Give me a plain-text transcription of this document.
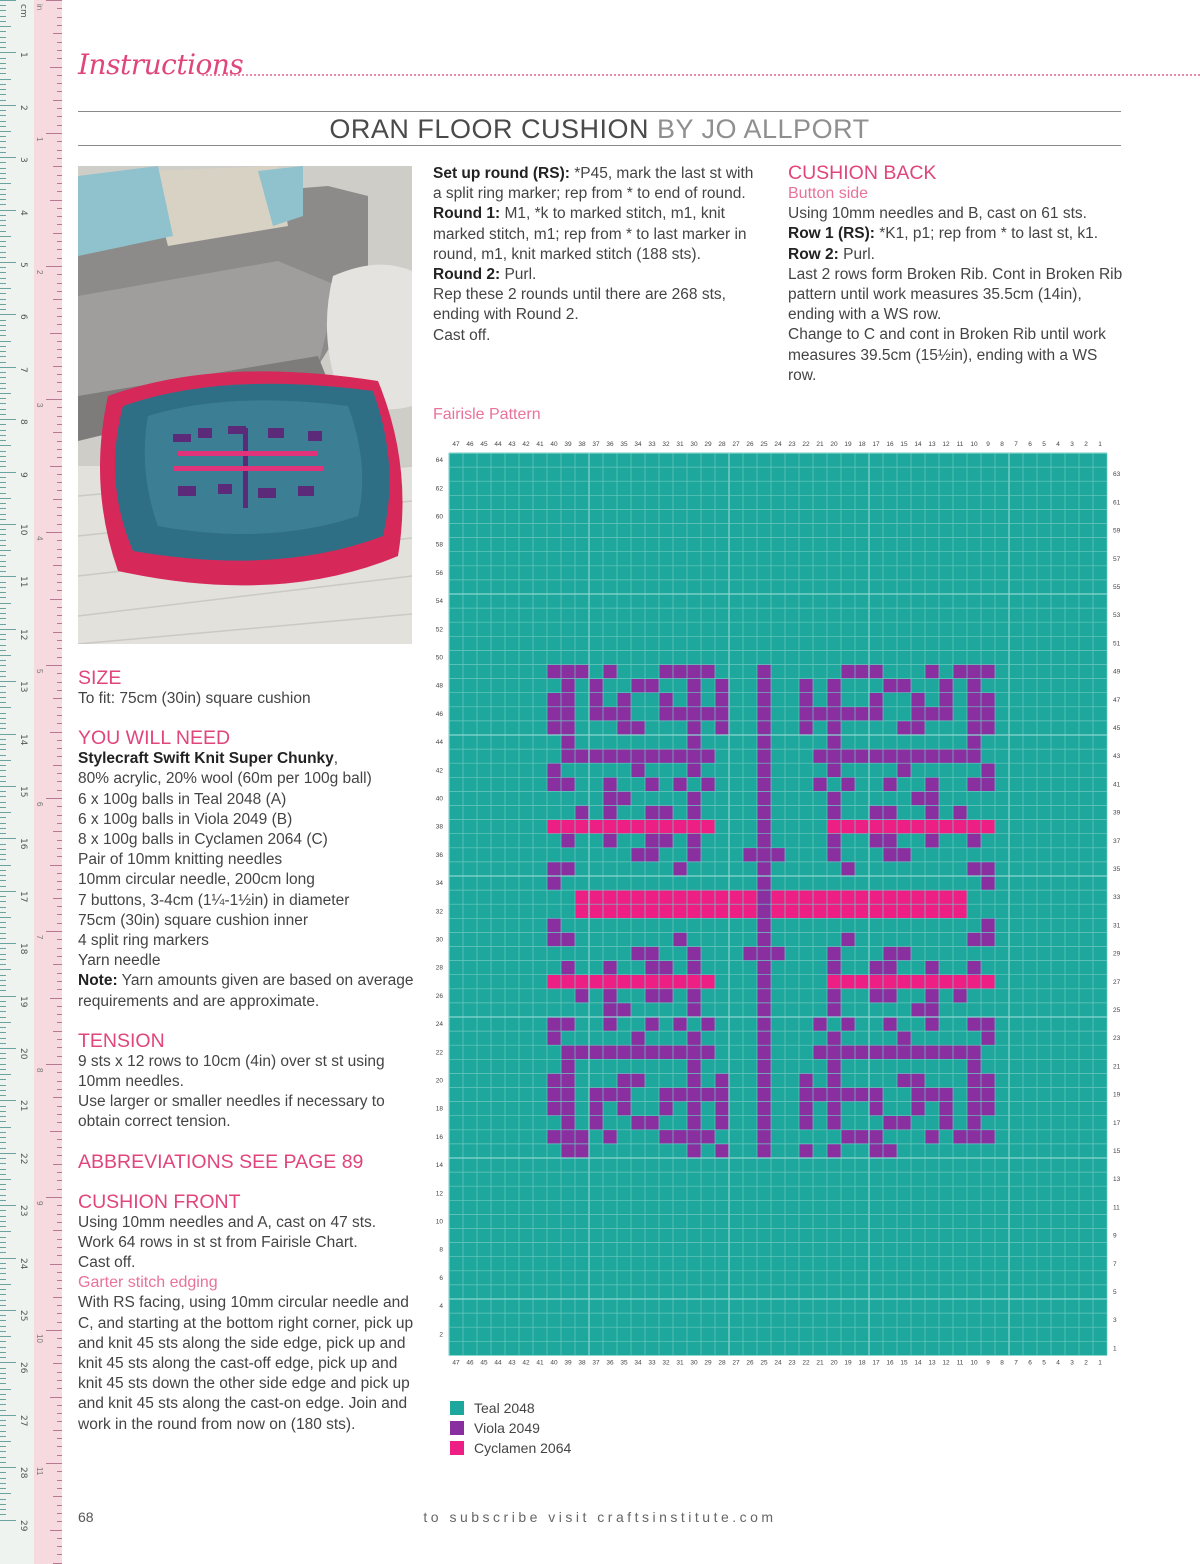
cm
1
2
3
4
5
6
7
8
9
10
11
12
13
14
15
16
17
18
19
20
21
22
23
24
25
26
27
28
29
in
1
2
3
4
5
6
7
8
9
10
11
Instructions
ORAN FLOOR CUSHION BY JO ALLPORT

SIZE

To fit: 75cm (30in) square cushion

YOU WILL NEED

Stylecraft Swift Knit Super Chunky,

80% acrylic, 20% wool (60m per 100g ball)

6 x 100g balls in Teal 2048 (A)

6 x 100g balls in Viola 2049 (B)

8 x 100g balls in Cyclamen 2064 (C)

Pair of 10mm knitting needles

10mm circular needle, 200cm long

7 buttons, 3-4cm (1¼-1½in) in diameter

75cm (30in) square cushion inner

4 split ring markers

Yarn needle

Note: Yarn amounts given are based on average requirements and are approximate.

TENSION

9 sts x 12 rows to 10cm (4in) over st st using 10mm needles.

Use larger or smaller needles if necessary to obtain correct tension.

ABBREVIATIONS SEE PAGE 89

CUSHION FRONT

Using 10mm needles and A, cast on 47 sts.

Work 64 rows in st st from Fairisle Chart.

Cast off.

Garter stitch edging

With RS facing, using 10mm circular needle and C, and starting at the bottom right corner, pick up and knit 45 sts along the side edge, pick up and knit 45 sts along the cast-off edge, pick up and knit 45 sts down the other side edge and pick up and knit 45 sts along the cast-on edge. Join and work in the round from now on (180 sts).

Set up round (RS): *P45, mark the last st with a split ring marker; rep from * to end of round.

Round 1: M1, *k to marked stitch, m1, knit marked stitch, m1; rep from * to last marker in round, m1, knit marked stitch (188 sts).

Round 2: Purl.

Rep these 2 rounds until there are 268 sts, ending with Round 2.

Cast off.

CUSHION BACK

Button side

Using 10mm needles and B, cast on 61 sts.

Row 1 (RS): *K1, p1; rep from * to last st, k1.

Row 2: Purl.

Last 2 rows form Broken Rib. Cont in Broken Rib pattern until work measures 35.5cm (14in), ending with a WS row.

Change to C and cont in Broken Rib until work measures 39.5cm (15½in), ending with a WS row.

Fairisle Pattern
47
47
46
46
45
45
44
44
43
43
42
42
41
41
40
40
39
39
38
38
37
37
36
36
35
35
34
34
33
33
32
32
31
31
30
30
29
29
28
28
27
27
26
26
25
25
24
24
23
23
22
22
21
21
20
20
19
19
18
18
17
17
16
16
15
15
14
14
13
13
12
12
11
11
10
10
9
9
8
8
7
7
6
6
5
5
4
4
3
3
2
2
1
1
64
62
60
58
56
54
52
50
48
46
44
42
40
38
36
34
32
30
28
26
24
22
20
18
16
14
12
10
8
6
4
2
63
61
59
57
55
53
51
49
47
45
43
41
39
37
35
33
31
29
27
25
23
21
19
17
15
13
11
9
7
5
3
1
Teal 2048
Viola 2049
Cyclamen 2064
68	to subscribe visit craftsinstitute.com
